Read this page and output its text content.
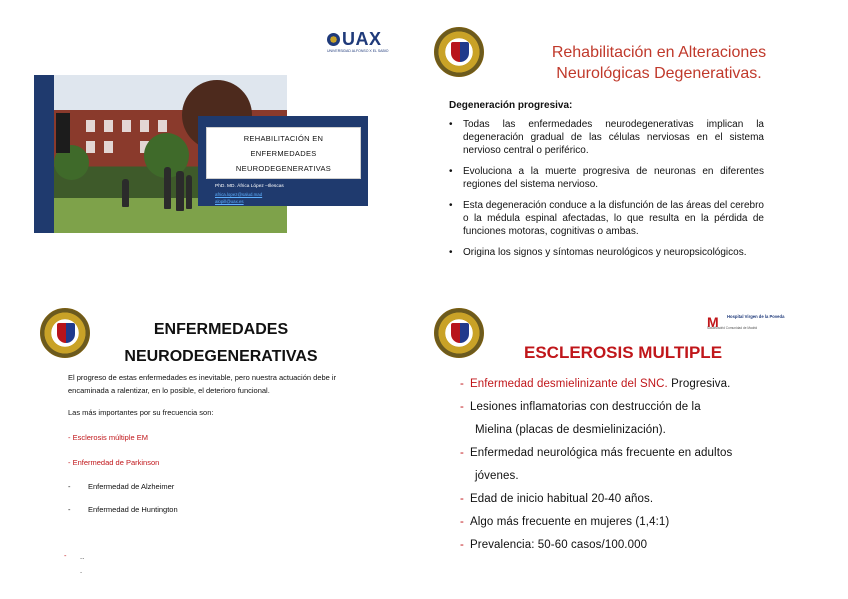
UAX
UNIVERSIDAD ALFONSO X EL SABIO
REHABILITACIÓN EN
ENFERMEDADES
NEURODEGENERATIVAS
PhD. MD. África López –Illescas
africa.lopez@salud.mad
alopill@uax.es
Rehabilitación en Alteraciones
Neurológicas Degenerativas.
Degeneración progresiva:
• Todas las enfermedades neurodegenerativas implican la degeneración gradual de las células nerviosas en el sistema nervioso central o periférico.
• Evoluciona a la muerte progresiva de neuronas en diferentes regiones del sistema nervioso.
• Esta degeneración conduce a la disfunción de las áreas del cerebro o la médula espinal afectadas, lo que resulta en la pérdida de funciones motoras, cognitivas o ambas.
• Origina los signos y síntomas neurológicos y neuropsicológicos.
ENFERMEDADES
NEURODEGENERATIVAS
El progreso de estas enfermedades es inevitable, pero nuestra actuación debe ir encaminada a ralentizar, en lo posible, el deterioro funcional.
Las más importantes por su frecuencia son:
- Esclerosis múltiple EM
- Enfermedad de Parkinson
- Enfermedad de Alzheimer
- Enfermedad de Huntington
- ..
.
M Hospital Virgen de la Poveda
SaludMadrid Comunidad de Madrid
ESCLEROSIS MULTIPLE
- Enfermedad desmielinizante del SNC. Progresiva.
- Lesiones inflamatorias con destrucción de la
Mielina (placas de desmielinización).
- Enfermedad neurológica más frecuente en adultos
jóvenes.
- Edad de inicio habitual 20-40 años.
- Algo más frecuente en mujeres (1,4:1)
- Prevalencia: 50-60 casos/100.000
